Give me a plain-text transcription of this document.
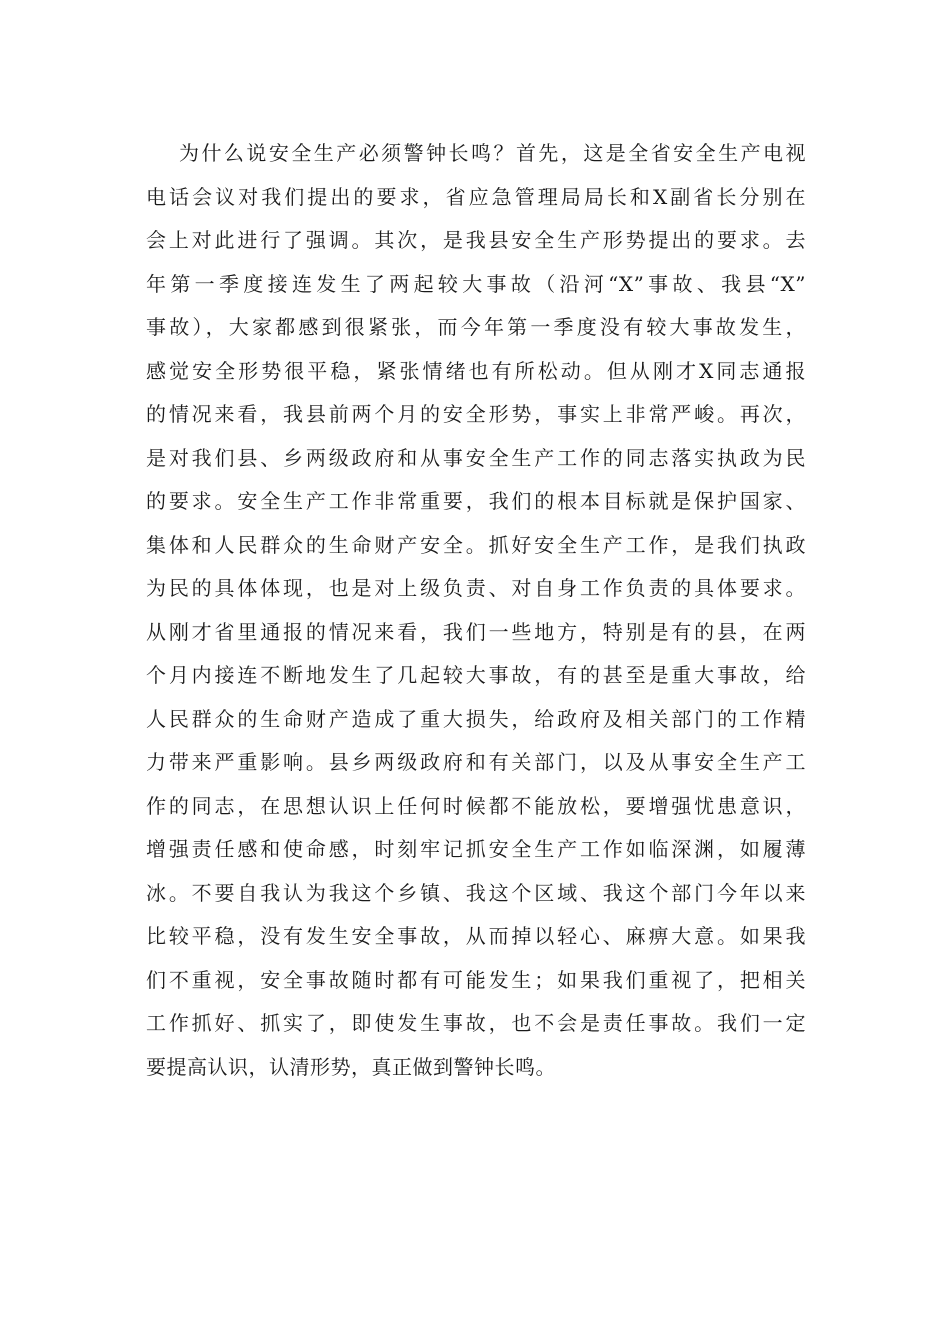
为什么说安全生产必须警钟长鸣？首先，这是全省安全生产电视
电话会议对我们提出的要求，省应急管理局局长和X副省长分别在
会上对此进行了强调。其次，是我县安全生产形势提出的要求。去
年第一季度接连发生了两起较大事故（沿河“X”事故、我县“X”
事故），大家都感到很紧张，而今年第一季度没有较大事故发生，
感觉安全形势很平稳，紧张情绪也有所松动。但从刚才X同志通报
的情况来看，我县前两个月的安全形势，事实上非常严峻。再次，
是对我们县、乡两级政府和从事安全生产工作的同志落实执政为民
的要求。安全生产工作非常重要，我们的根本目标就是保护国家、
集体和人民群众的生命财产安全。抓好安全生产工作，是我们执政
为民的具体体现，也是对上级负责、对自身工作负责的具体要求。
从刚才省里通报的情况来看，我们一些地方，特别是有的县，在两
个月内接连不断地发生了几起较大事故，有的甚至是重大事故，给
人民群众的生命财产造成了重大损失，给政府及相关部门的工作精
力带来严重影响。县乡两级政府和有关部门，以及从事安全生产工
作的同志，在思想认识上任何时候都不能放松，要增强忧患意识，
增强责任感和使命感，时刻牢记抓安全生产工作如临深渊，如履薄
冰。不要自我认为我这个乡镇、我这个区域、我这个部门今年以来
比较平稳，没有发生安全事故，从而掉以轻心、麻痹大意。如果我
们不重视，安全事故随时都有可能发生；如果我们重视了，把相关
工作抓好、抓实了，即使发生事故，也不会是责任事故。我们一定
要提高认识，认清形势，真正做到警钟长鸣。
